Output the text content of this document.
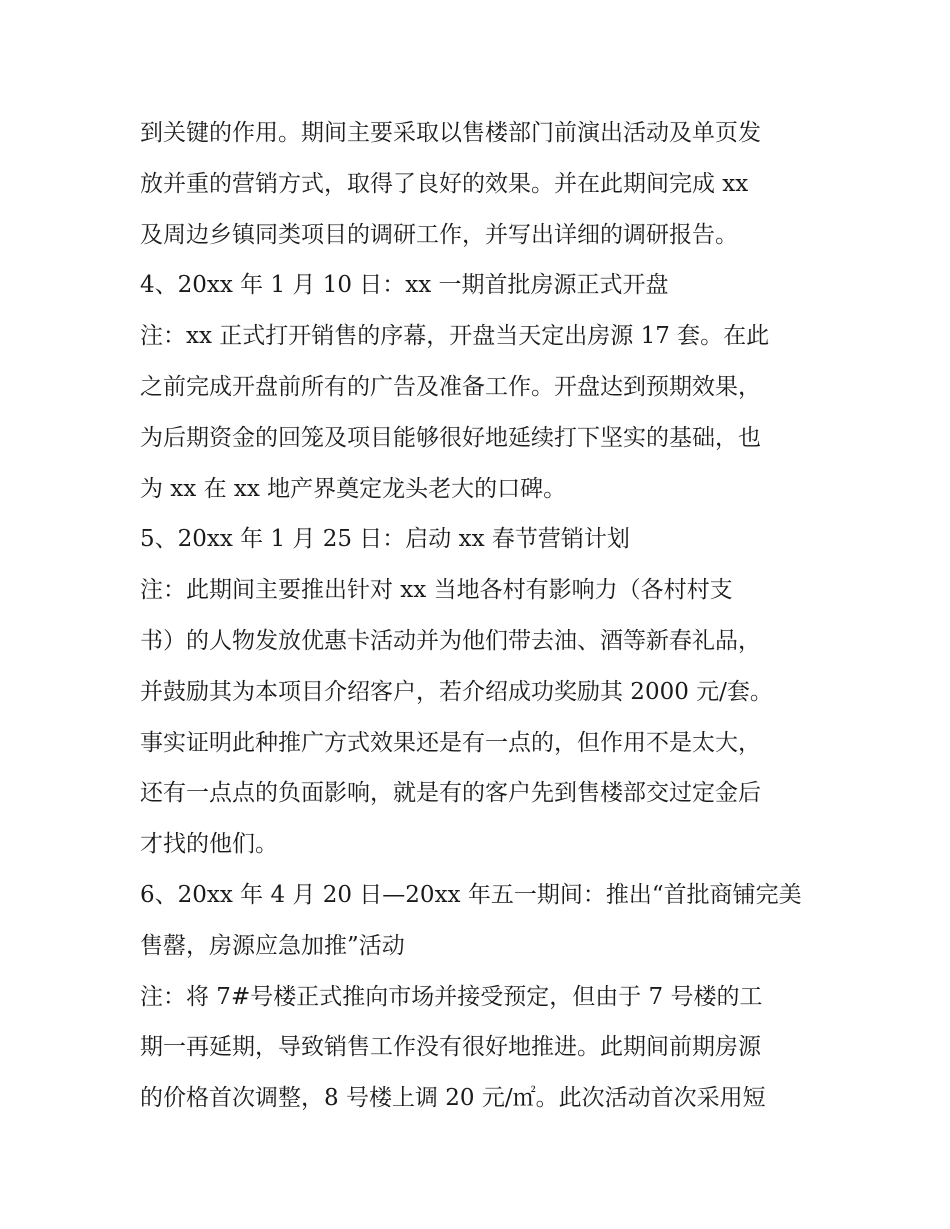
到关键的作用。期间主要采取以售楼部门前演出活动及单页发
放并重的营销方式，取得了良好的效果。并在此期间完成 xx
及周边乡镇同类项目的调研工作，并写出详细的调研报告。
4、20xx 年 1 月 10 日：xx 一期首批房源正式开盘
注：xx 正式打开销售的序幕，开盘当天定出房源 17 套。在此
之前完成开盘前所有的广告及准备工作。开盘达到预期效果，
为后期资金的回笼及项目能够很好地延续打下坚实的基础，也
为 xx 在 xx 地产界奠定龙头老大的口碑。
5、20xx 年 1 月 25 日：启动 xx 春节营销计划
注：此期间主要推出针对 xx 当地各村有影响力（各村村支
书）的人物发放优惠卡活动并为他们带去油、酒等新春礼品，
并鼓励其为本项目介绍客户，若介绍成功奖励其 2000 元/套。
事实证明此种推广方式效果还是有一点的，但作用不是太大，
还有一点点的负面影响，就是有的客户先到售楼部交过定金后
才找的他们。
6、20xx 年 4 月 20 日—20xx 年五一期间：推出“首批商铺完美
售罄，房源应急加推”活动
注：将 7#号楼正式推向市场并接受预定，但由于 7 号楼的工
期一再延期，导致销售工作没有很好地推进。此期间前期房源
的价格首次调整，8 号楼上调 20 元/㎡。此次活动首次采用短
